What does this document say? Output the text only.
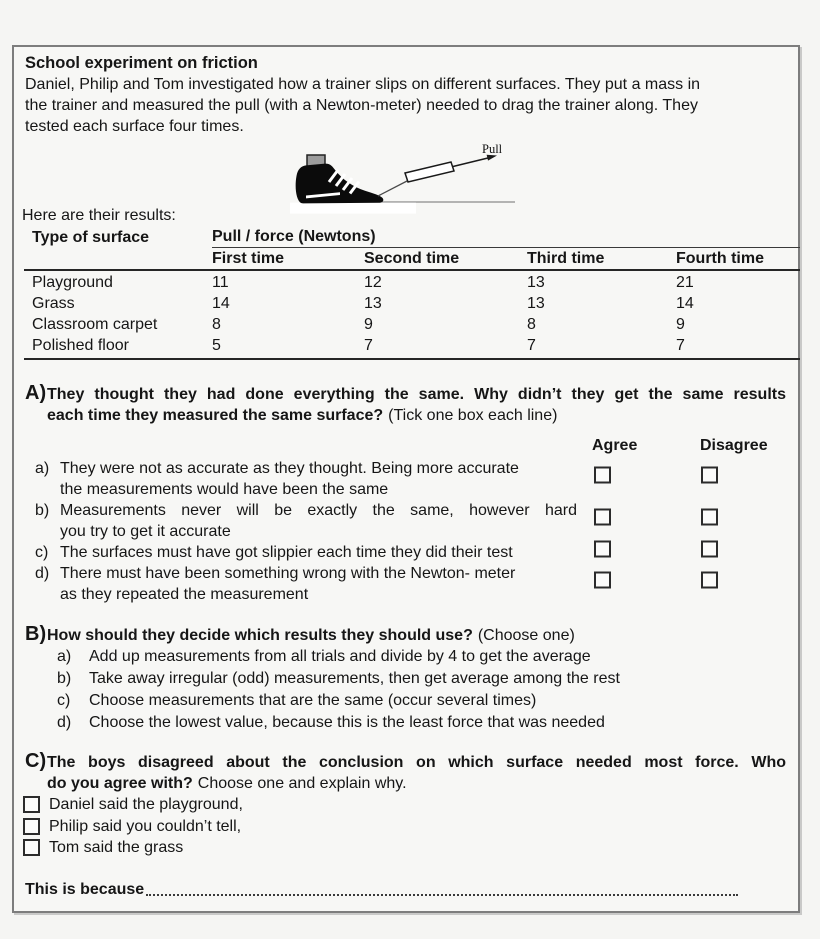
School experiment on friction
Daniel, Philip and Tom investigated how a trainer slips on different surfaces. They put a mass in
the trainer and measured the pull (with a Newton-meter) needed to drag the trainer along. They
tested each surface four times.
Pull
Here are their results:
Type of surface	Pull / force (Newtons)			
	First time	Second time	Third time	Fourth time
Playground	11	12	13	21
Grass	14	13	13	14
Classroom carpet	8	9	8	9
Polished floor	5	7	7	7
A) They thought they had done everything the same. Why didn’t they get the same results
each time they measured the same surface? (Tick one box each line)
Agree	Disagree
a) They were not as accurate as they thought. Being more accurate
the measurements would have been the same
b) Measurements never will be exactly the same, however hard
you try to get it accurate
c) The surfaces must have got slippier each time they did their test
d) There must have been something wrong with the Newton- meter
as they repeated the measurement
B) How should they decide which results they should use? (Choose one)
a)	Add up measurements from all trials and divide by 4 to get the average
b)	Take away irregular (odd) measurements, then get average among the rest
c)	Choose measurements that are the same (occur several times)
d)	Choose the lowest value, because this is the least force that was needed
C) The boys disagreed about the conclusion on which surface needed most force. Who
do you agree with? Choose one and explain why.
Daniel said the playground,
Philip said you couldn’t tell,
Tom said the grass
This is because
